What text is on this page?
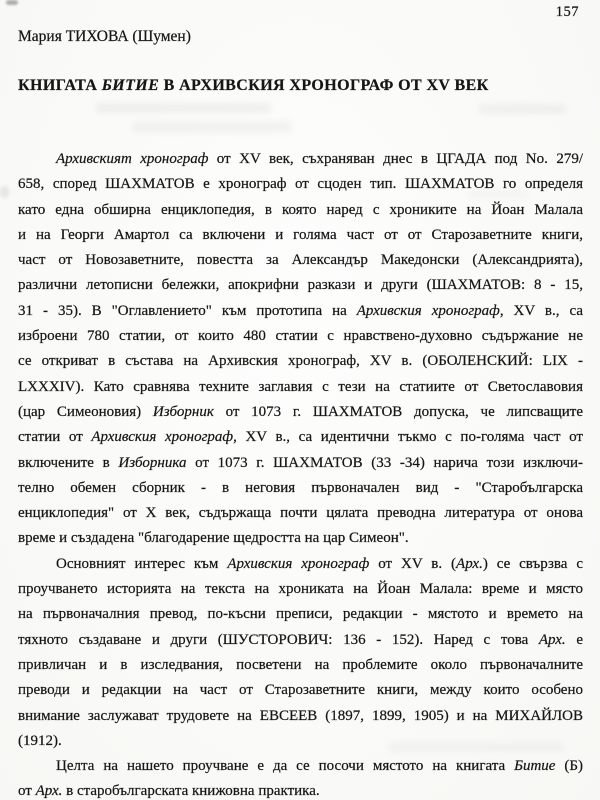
157
Мария ТИХОВА (Шумен)
КНИГАТА БИТИЕ В АРХИВСКИЯ ХРОНОГРАФ ОТ XV ВЕК
Архивският хронограф от XV век, съхраняван днес в ЦГАДА под No. 279/
658, според ШАХМАТОВ е хронограф от сцоден тип. ШАХМАТОВ го определя
като една обширна енциклопедия, в която наред с хрониките на Йоан Малала
и на Георги Амартол са включени и голяма част от от Старозаветните книги,
част от Новозаветните, повестта за Александър Македонски (Александрията),
различни летописни бележки, апокрифни разкази и други (ШАХМАТОВ: 8 - 15,
31 - 35). В "Оглавлението" към прототипа на Архивския хронограф, XV в., са
изброени 780 статии, от които 480 статии с нравствено-духовно съдържание не
се откриват в състава на Архивския хронограф, XV в. (ОБОЛЕНСКИЙ: LIX -
LXXXIV). Като сравнява техните заглавия с тези на статиите от Светославовия
(цар Симеоновия) Изборник от 1073 г. ШАХМАТОВ допуска, че липсващите
статии от Архивския хронограф, XV в., са идентични тъкмо с по-голяма част от
включените в Изборника от 1073 г. ШАХМАТОВ (33 -34) нарича този изключи-
телно обемен сборник - в неговия първоначален вид - "Старобългарска
енциклопедия" от X век, съдържаща почти цялата преводна литература от онова
време и създадена "благодарение щедростта на цар Симеон".
Основният интерес към Архивския хронограф от XV в. (Арх.) се свързва с
проучването историята на текста на хрониката на Йоан Малала: време и място
на първоначалния превод, по-късни преписи, редакции - мястото и времето на
тяхното създаване и други (ШУСТОРОВИЧ: 136 - 152). Наред с това Арх. е
привличан и в изследвания, посветени на проблемите около първоначалните
преводи и редакции на част от Старозаветните книги, между които особено
внимание заслужават трудовете на ЕВСЕЕВ (1897, 1899, 1905) и на МИХАЙЛОВ
(1912).
Целта на нашето проучване е да се посочи мястото на книгата Битие (Б)
от Арх. в старобългарската книжовна практика.
